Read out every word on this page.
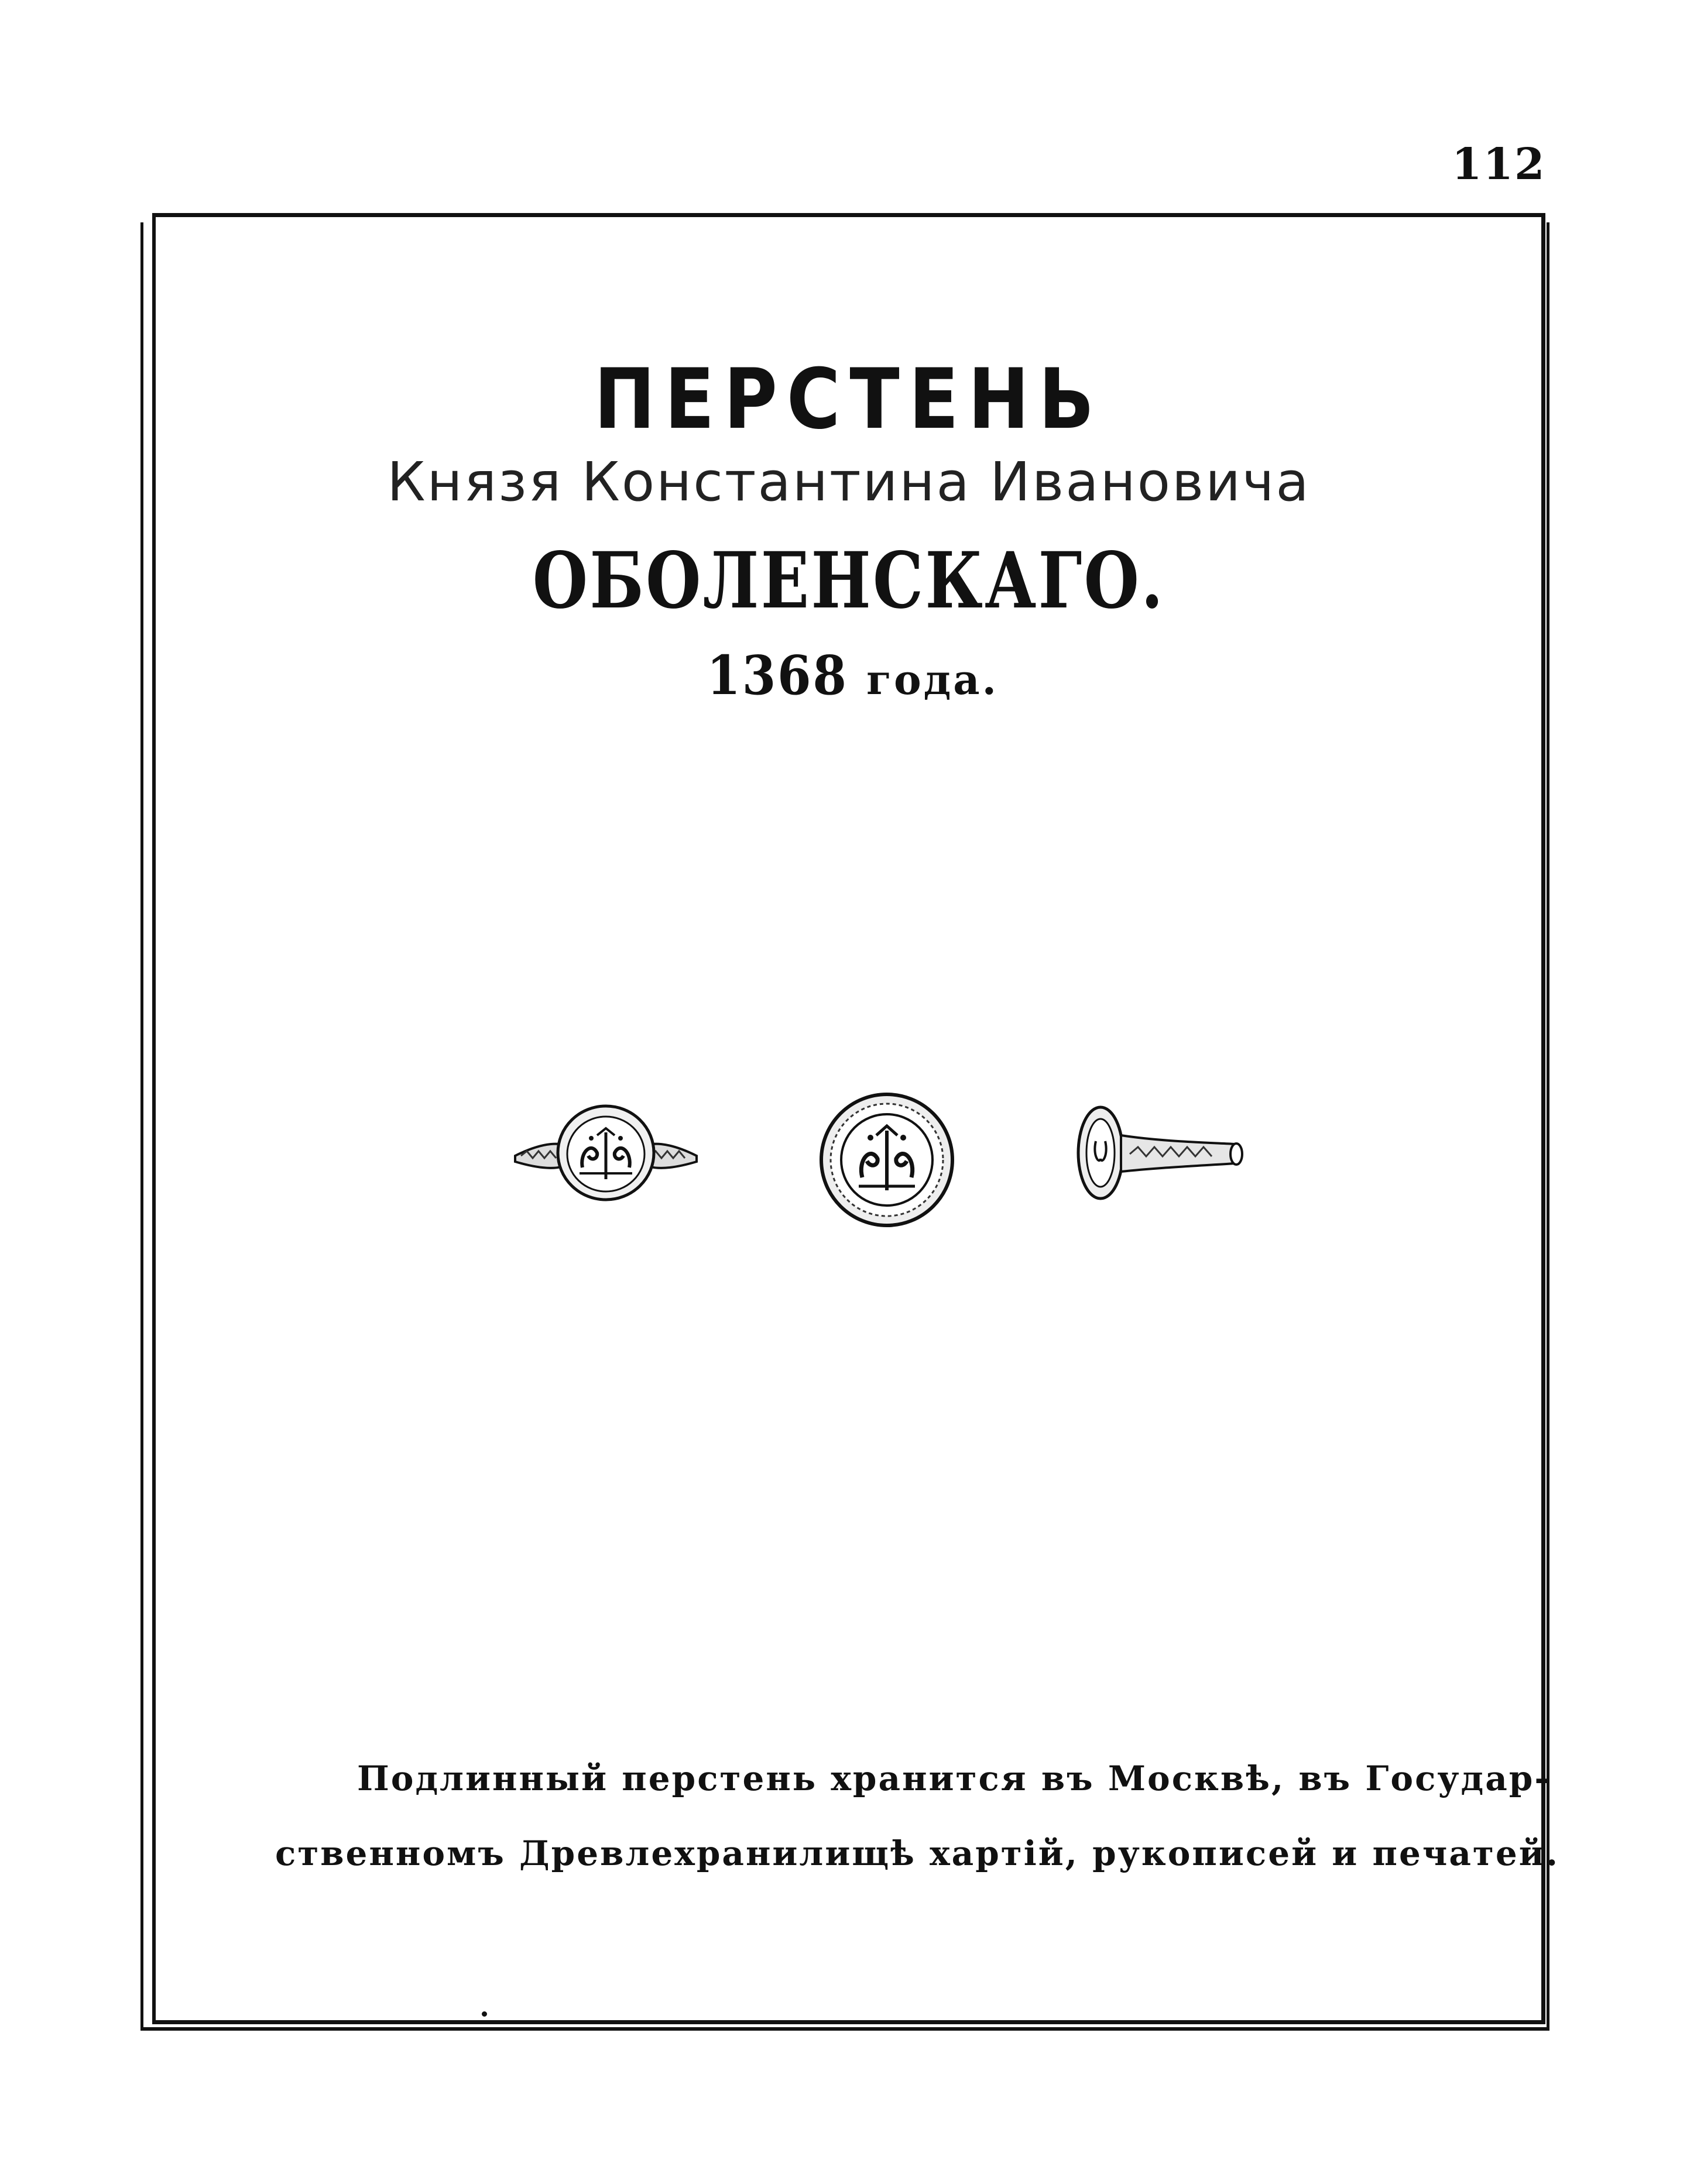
112
ПЕРСТЕНЬ
Князя Константина Ивановича
ОБОЛЕНСКАГО.
1368 года.
Подлинный перстень хранится въ Москвѣ, въ Государ-
ственномъ Древлехранилищѣ хартій, рукописей и печатей.
